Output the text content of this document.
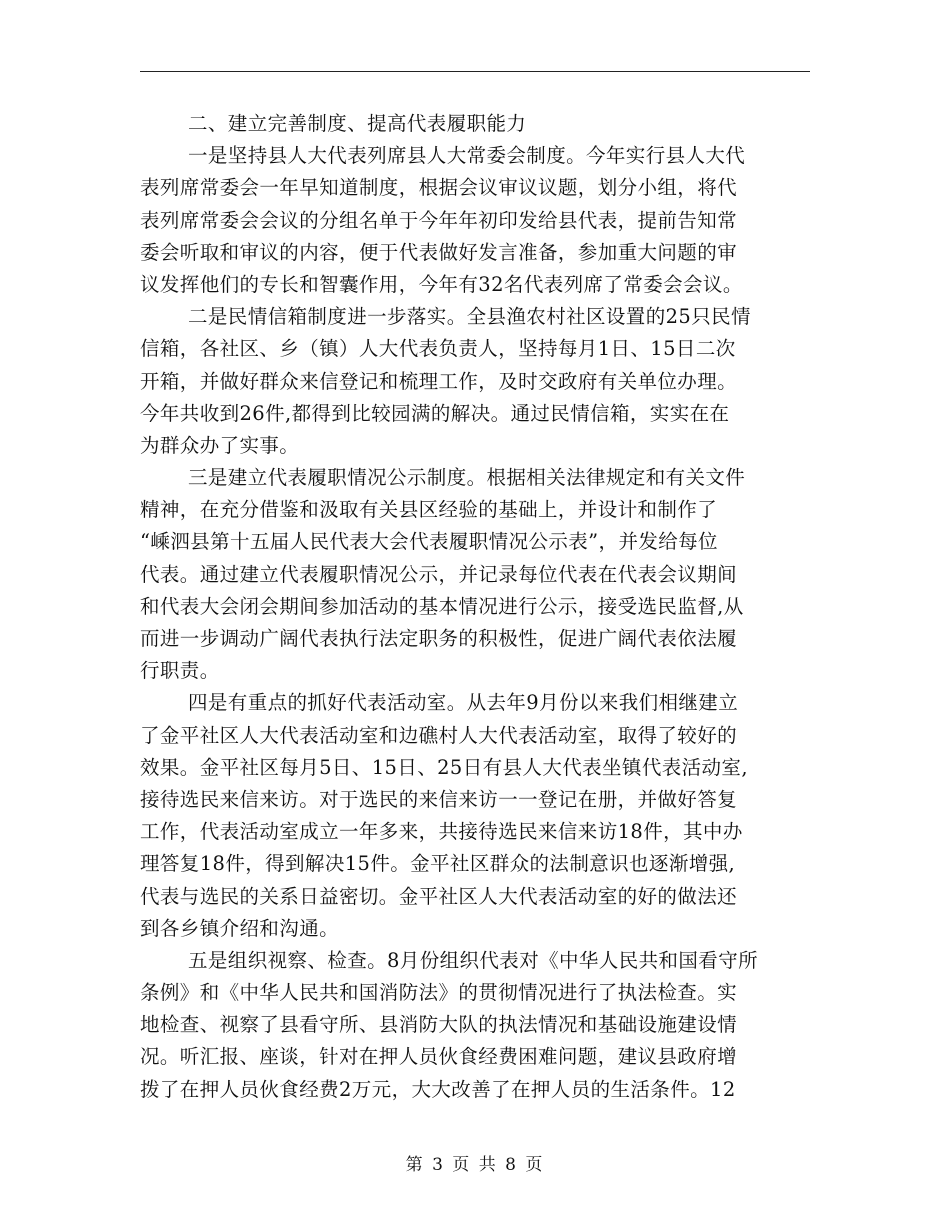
二、建立完善制度、提高代表履职能力
一是坚持县人大代表列席县人大常委会制度。今年实行县人大代
表列席常委会一年早知道制度，根据会议审议议题，划分小组，将代
表列席常委会会议的分组名单于今年年初印发给县代表，提前告知常
委会听取和审议的内容，便于代表做好发言准备，参加重大问题的审
议发挥他们的专长和智囊作用，今年有32名代表列席了常委会会议。
二是民情信箱制度进一步落实。全县渔农村社区设置的25只民情
信箱，各社区、乡（镇）人大代表负责人，坚持每月1日、15日二次
开箱，并做好群众来信登记和梳理工作，及时交政府有关单位办理。
今年共收到26件,都得到比较园满的解决。通过民情信箱，实实在在
为群众办了实事。
三是建立代表履职情况公示制度。根据相关法律规定和有关文件
精神，在充分借鉴和汲取有关县区经验的基础上，并设计和制作了
“嵊泗县第十五届人民代表大会代表履职情况公示表”，并发给每位
代表。通过建立代表履职情况公示，并记录每位代表在代表会议期间
和代表大会闭会期间参加活动的基本情况进行公示，接受选民监督,从
而进一步调动广阔代表执行法定职务的积极性，促进广阔代表依法履
行职责。
四是有重点的抓好代表活动室。从去年9月份以来我们相继建立
了金平社区人大代表活动室和边礁村人大代表活动室，取得了较好的
效果。金平社区每月5日、15日、25日有县人大代表坐镇代表活动室,
接待选民来信来访。对于选民的来信来访一一登记在册，并做好答复
工作，代表活动室成立一年多来，共接待选民来信来访18件，其中办
理答复18件，得到解决15件。金平社区群众的法制意识也逐渐增强,
代表与选民的关系日益密切。金平社区人大代表活动室的好的做法还
到各乡镇介绍和沟通。
五是组织视察、检查。8月份组织代表对《中华人民共和国看守所
条例》和《中华人民共和国消防法》的贯彻情况进行了执法检查。实
地检查、视察了县看守所、县消防大队的执法情况和基础设施建设情
况。听汇报、座谈，针对在押人员伙食经费困难问题，建议县政府增
拨了在押人员伙食经费2万元，大大改善了在押人员的生活条件。12
第 3 页 共 8 页
